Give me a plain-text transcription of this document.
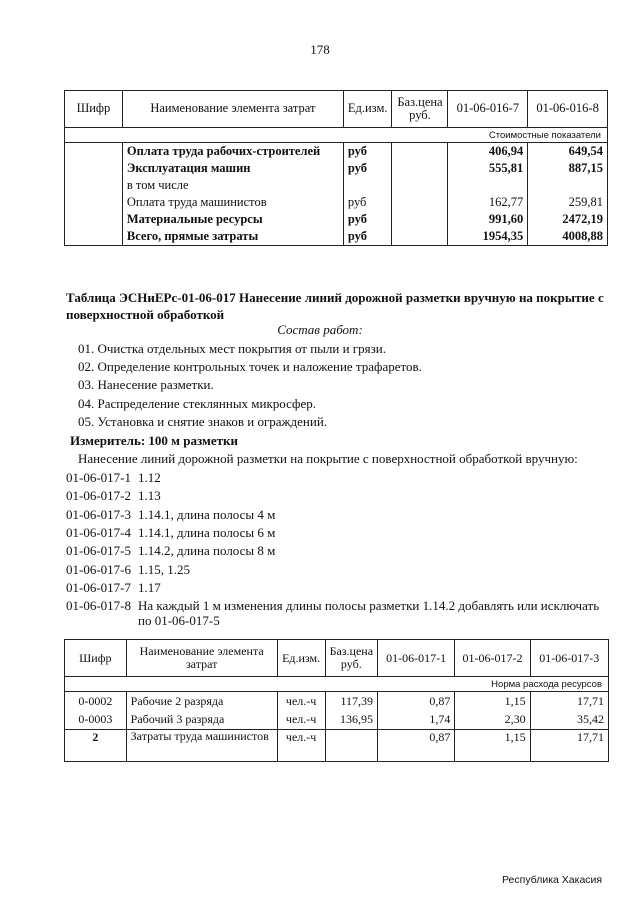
178
Шифр	Наименование элемента затрат	Ед.изм.	Баз.цена руб.	01-06-016-7	01-06-016-8
Стоимостные показатели					
	Оплата труда рабочих-строителей	руб		406,94	649,54
	Эксплуатация машин	руб		555,81	887,15
	в том числе				
	Оплата труда машинистов	руб		162,77	259,81
	Материальные ресурсы	руб		991,60	2472,19
	Всего, прямые затраты	руб		1954,35	4008,88
Таблица ЭСНиЕРс-01-06-017 Нанесение линий дорожной разметки вручную на покрытие с поверхностной обработкой
Состав работ:
01. Очистка отдельных мест покрытия от пыли и грязи.
02. Определение контрольных точек и наложение трафаретов.
03. Нанесение разметки.
04. Распределение стеклянных микросфер.
05. Установка и снятие знаков и ограждений.
Измеритель: 100 м разметки
Нанесение линий дорожной разметки на покрытие с поверхностной обработкой вручную:
01-06-017-1 1.12
01-06-017-2 1.13
01-06-017-3 1.14.1, длина полосы 4 м
01-06-017-4 1.14.1, длина полосы 6 м
01-06-017-5 1.14.2, длина полосы 8 м
01-06-017-6 1.15, 1.25
01-06-017-7 1.17
01-06-017-8 На каждый 1 м изменения длины полосы разметки 1.14.2 добавлять или исключать
по 01-06-017-5
Шифр	Наименование элемента затрат	Ед.изм.	Баз.цена руб.	01-06-017-1	01-06-017-2	01-06-017-3
Норма расхода ресурсов						
0-0002	Рабочие 2 разряда	чел.-ч	117,39	0,87	1,15	17,71
0-0003	Рабочий 3 разряда	чел.-ч	136,95	1,74	2,30	35,42
2	Затраты труда машинистов	чел.-ч		0,87	1,15	17,71
Республика Хакасия
